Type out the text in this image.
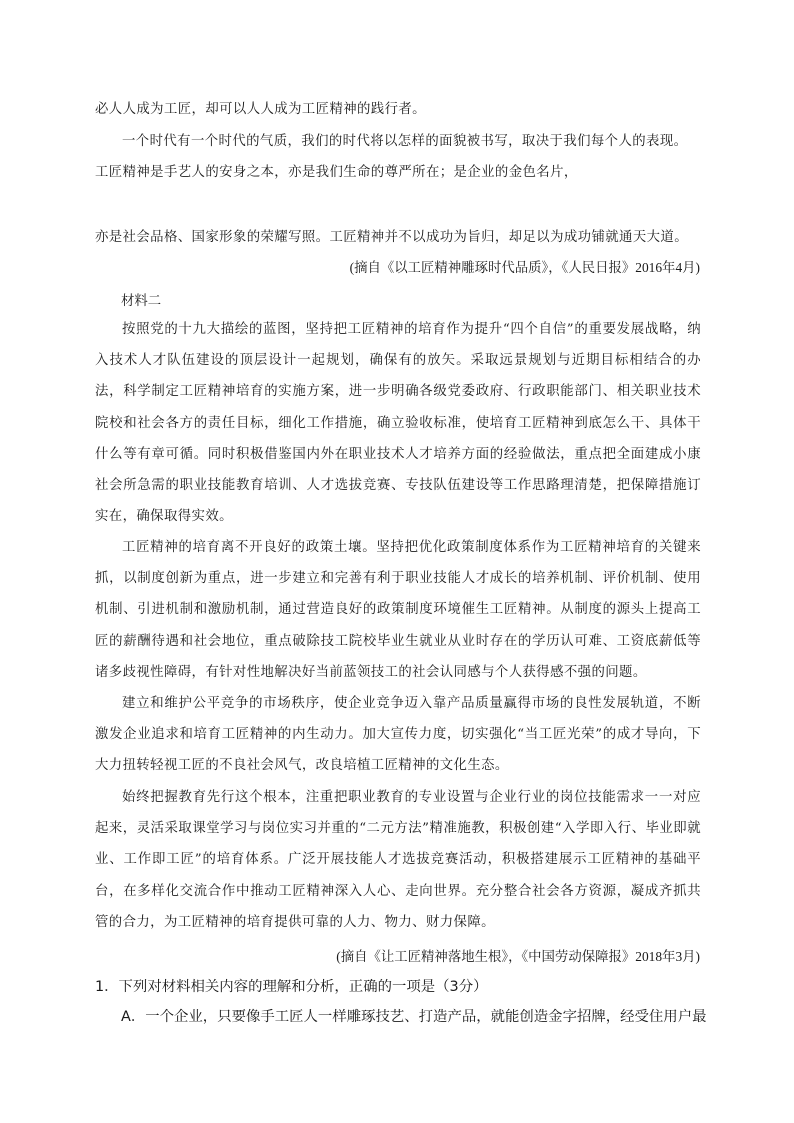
必人人成为工匠，却可以人人成为工匠精神的践行者。

一个时代有一个时代的气质，我们的时代将以怎样的面貌被书写，取决于我们每个人的表现。

工匠精神是手艺人的安身之本，亦是我们生命的尊严所在；是企业的金色名片，

亦是社会品格、国家形象的荣耀写照。工匠精神并不以成功为旨归，却足以为成功铺就通天大道。

(摘自《以工匠精神雕琢时代品质》，《人民日报》2016年4月)

材料二

按照党的十九大描绘的蓝图，坚持把工匠精神的培育作为提升“四个自信”的重要发展战略，纳入技术人才队伍建设的顶层设计一起规划，确保有的放矢。采取远景规划与近期目标相结合的办法，科学制定工匠精神培育的实施方案，进一步明确各级党委政府、行政职能部门、相关职业技术院校和社会各方的责任目标，细化工作措施，确立验收标准，使培育工匠精神到底怎么干、具体干什么等有章可循。同时积极借鉴国内外在职业技术人才培养方面的经验做法，重点把全面建成小康社会所急需的职业技能教育培训、人才选拔竞赛、专技队伍建设等工作思路理清楚，把保障措施订实在，确保取得实效。

工匠精神的培育离不开良好的政策土壤。坚持把优化政策制度体系作为工匠精神培育的关键来抓，以制度创新为重点，进一步建立和完善有利于职业技能人才成长的培养机制、评价机制、使用机制、引进机制和激励机制，通过营造良好的政策制度环境催生工匠精神。从制度的源头上提高工匠的薪酬待遇和社会地位，重点破除技工院校毕业生就业从业时存在的学历认可难、工资底薪低等诸多歧视性障碍，有针对性地解决好当前蓝领技工的社会认同感与个人获得感不强的问题。

建立和维护公平竞争的市场秩序，使企业竞争迈入靠产品质量赢得市场的良性发展轨道，不断激发企业追求和培育工匠精神的内生动力。加大宣传力度，切实强化“当工匠光荣”的成才导向，下大力扭转轻视工匠的不良社会风气，改良培植工匠精神的文化生态。

始终把握教育先行这个根本，注重把职业教育的专业设置与企业行业的岗位技能需求一一对应起来，灵活采取课堂学习与岗位实习并重的“二元方法”精准施教，积极创建“入学即入行、毕业即就业、工作即工匠”的培育体系。广泛开展技能人才选拔竞赛活动，积极搭建展示工匠精神的基础平台，在多样化交流合作中推动工匠精神深入人心、走向世界。充分整合社会各方资源，凝成齐抓共管的合力，为工匠精神的培育提供可靠的人力、物力、财力保障。

(摘自《让工匠精神落地生根》，《中国劳动保障报》2018年3月)

1．下列对材料相关内容的理解和分析，正确的一项是（3分）

A．一个企业，只要像手工匠人一样雕琢技艺、打造产品，就能创造金字招牌，经受住用户最
